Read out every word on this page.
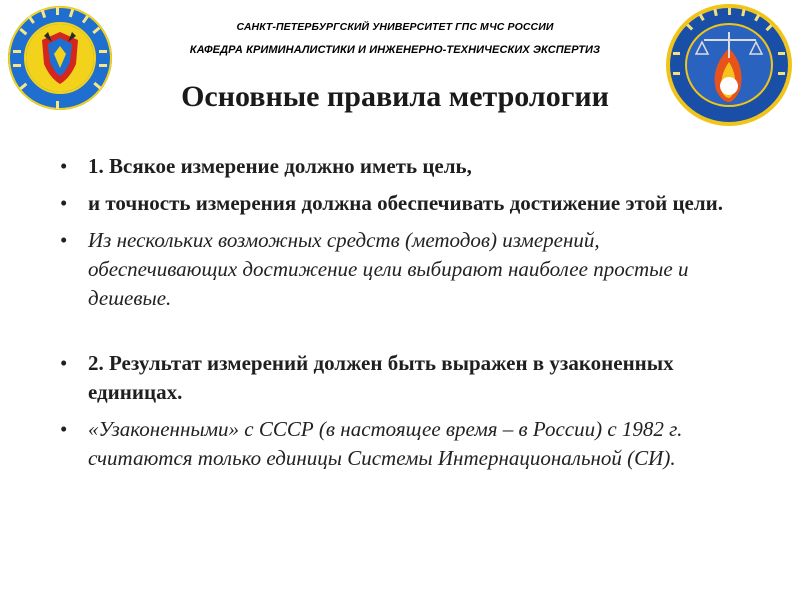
САНКТ-ПЕТЕРБУРГСКИЙ УНИВЕРСИТЕТ ГПС МЧС РОССИИ
КАФЕДРА КРИМИНАЛИСТИКИ И ИНЖЕНЕРНО-ТЕХНИЧЕСКИХ ЭКСПЕРТИЗ
Основные правила метрологии
• 1. Всякое измерение должно иметь цель,
• и точность измерения должна обеспечивать достижение этой цели.
• Из нескольких возможных средств (методов) измерений, обеспечивающих достижение цели выбирают наиболее простые и дешевые.
• 2. Результат измерений должен быть выражен в узаконенных единицах.
• «Узаконенными» с СССР (в настоящее время – в России) с 1982 г. считаются только единицы Системы Интернациональной (СИ).
